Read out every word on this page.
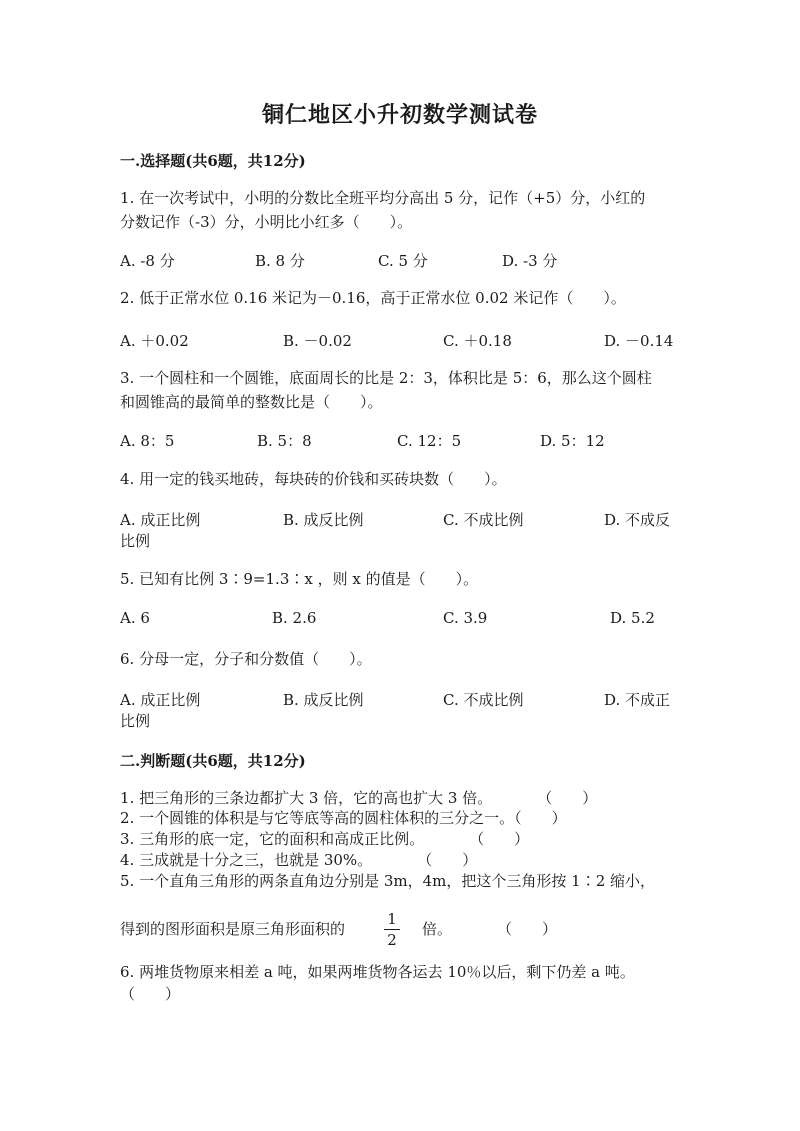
铜仁地区小升初数学测试卷
一.选择题(共6题，共12分)
1. 在一次考试中，小明的分数比全班平均分高出 5 分，记作（+5）分，小红的
分数记作（-3）分，小明比小红多（　　）。
A. -8 分	B. 8 分	C. 5 分	D. -3 分
2. 低于正常水位 0.16 米记为－0.16，高于正常水位 0.02 米记作（　　）。
A. ＋0.02	B. －0.02	C. ＋0.18	D. －0.14
3. 一个圆柱和一个圆锥，底面周长的比是 2：3，体积比是 5：6，那么这个圆柱
和圆锥高的最简单的整数比是（　　）。
A. 8：5	B. 5：8	C. 12：5	D. 5：12
4. 用一定的钱买地砖，每块砖的价钱和买砖块数（　　）。
A. 成正比例	B. 成反比例	C. 不成比例	D. 不成反
比例
5. 已知有比例 3∶9=1.3∶x ，则 x 的值是（　　）。
A. 6	B. 2.6	C. 3.9	D. 5.2
6. 分母一定，分子和分数值（　　）。
A. 成正比例	B. 成反比例	C. 不成比例	D. 不成正
比例
二.判断题(共6题，共12分)
1. 把三角形的三条边都扩大 3 倍，它的高也扩大 3 倍。　　　　（　　）
2. 一个圆锥的体积是与它等底等高的圆柱体积的三分之一。（　　）
3. 三角形的底一定，它的面积和高成正比例。　　　　（　　）
4. 三成就是十分之三，也就是 30%。　　　　（　　）
5. 一个直角三角形的两条直角边分别是 3m，4m，把这个三角形按 1∶2 缩小，
得到的图形面积是原三角形面积的
1
2
倍。　　　　（　　）
6. 两堆货物原来相差 a 吨，如果两堆货物各运去 10％以后，剩下仍差 a 吨。
（　　）
